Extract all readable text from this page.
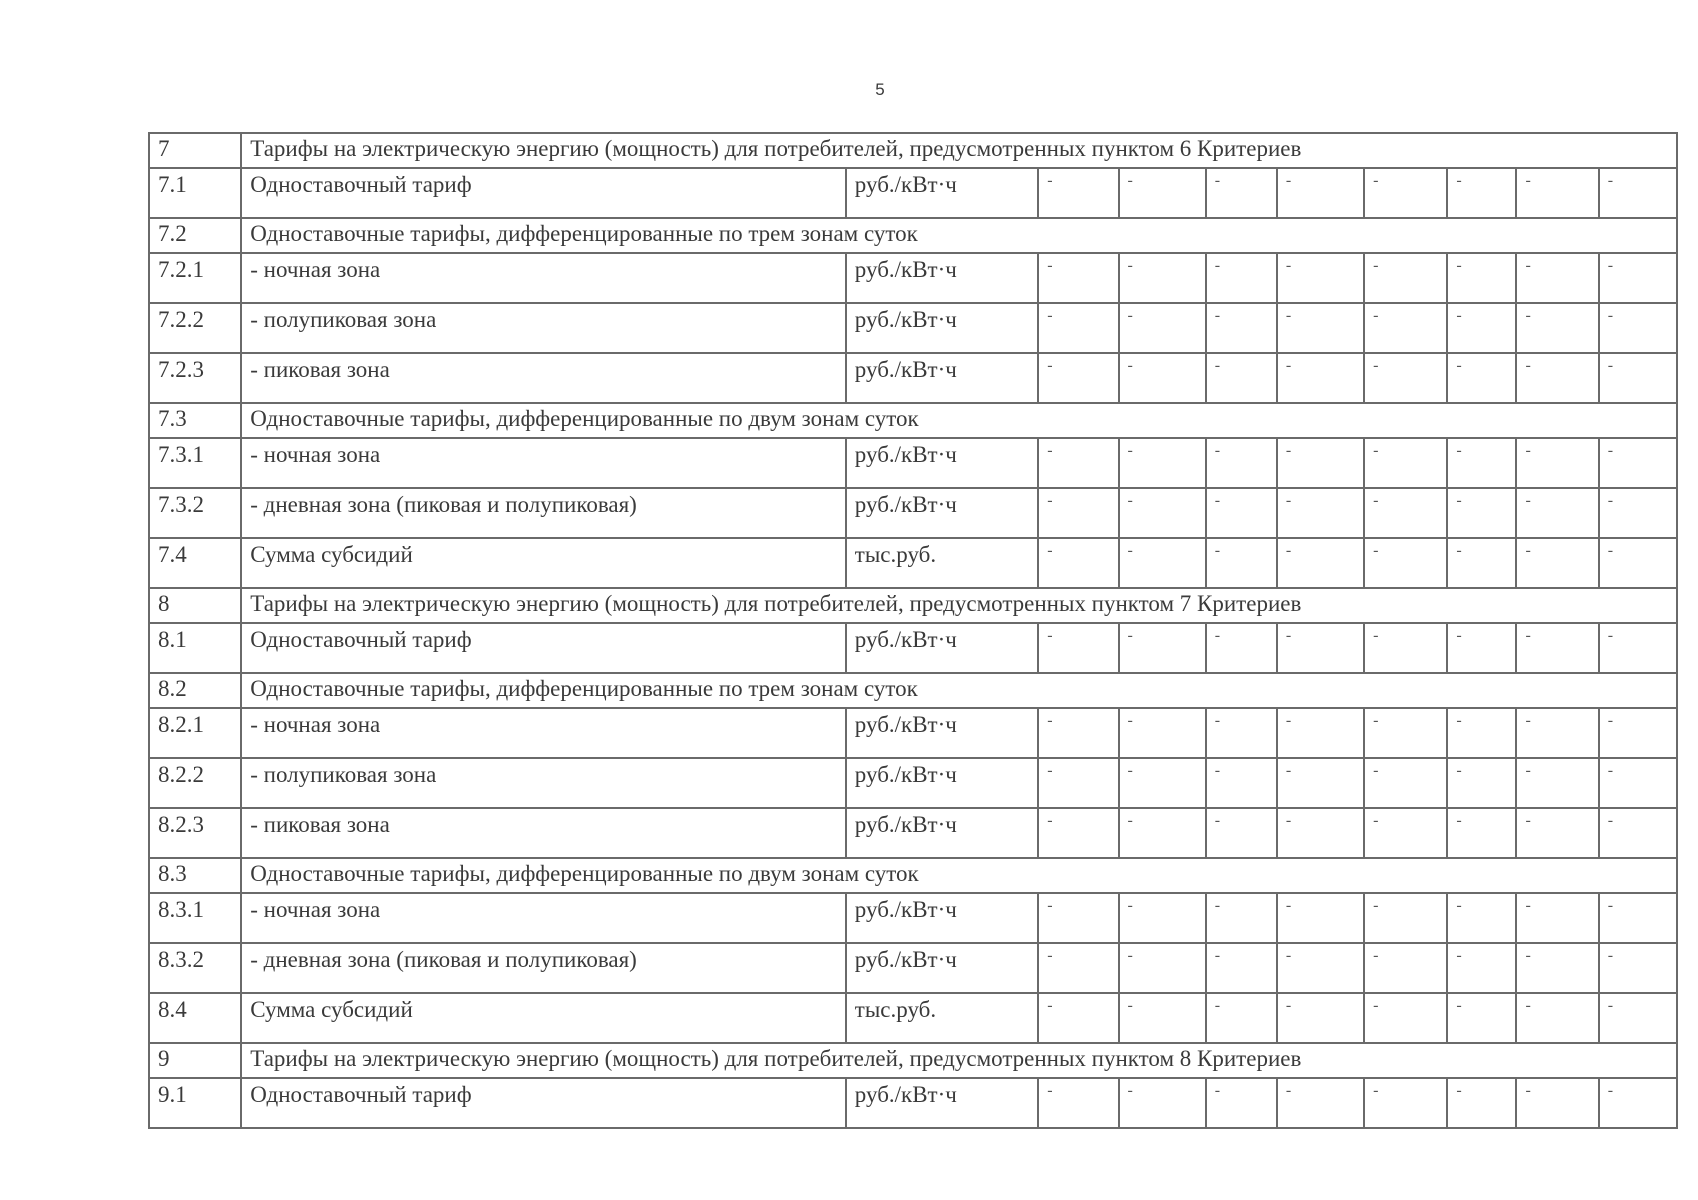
5
7	Тарифы на электрическую энергию (мощность) для потребителей, предусмотренных пунктом 6 Критериев									
7.1	Одноставочный тариф	руб./кВт·ч	-	-	-	-	-	-	-	-
7.2	Одноставочные тарифы, дифференцированные по трем зонам суток									
7.2.1	- ночная зона	руб./кВт·ч	-	-	-	-	-	-	-	-
7.2.2	- полупиковая зона	руб./кВт·ч	-	-	-	-	-	-	-	-
7.2.3	- пиковая зона	руб./кВт·ч	-	-	-	-	-	-	-	-
7.3	Одноставочные тарифы, дифференцированные по двум зонам суток									
7.3.1	- ночная зона	руб./кВт·ч	-	-	-	-	-	-	-	-
7.3.2	- дневная зона (пиковая и полупиковая)	руб./кВт·ч	-	-	-	-	-	-	-	-
7.4	Сумма субсидий	тыс.руб.	-	-	-	-	-	-	-	-
8	Тарифы на электрическую энергию (мощность) для потребителей, предусмотренных пунктом 7 Критериев									
8.1	Одноставочный тариф	руб./кВт·ч	-	-	-	-	-	-	-	-
8.2	Одноставочные тарифы, дифференцированные по трем зонам суток									
8.2.1	- ночная зона	руб./кВт·ч	-	-	-	-	-	-	-	-
8.2.2	- полупиковая зона	руб./кВт·ч	-	-	-	-	-	-	-	-
8.2.3	- пиковая зона	руб./кВт·ч	-	-	-	-	-	-	-	-
8.3	Одноставочные тарифы, дифференцированные по двум зонам суток									
8.3.1	- ночная зона	руб./кВт·ч	-	-	-	-	-	-	-	-
8.3.2	- дневная зона (пиковая и полупиковая)	руб./кВт·ч	-	-	-	-	-	-	-	-
8.4	Сумма субсидий	тыс.руб.	-	-	-	-	-	-	-	-
9	Тарифы на электрическую энергию (мощность) для потребителей, предусмотренных пунктом 8 Критериев									
9.1	Одноставочный тариф	руб./кВт·ч	-	-	-	-	-	-	-	-
